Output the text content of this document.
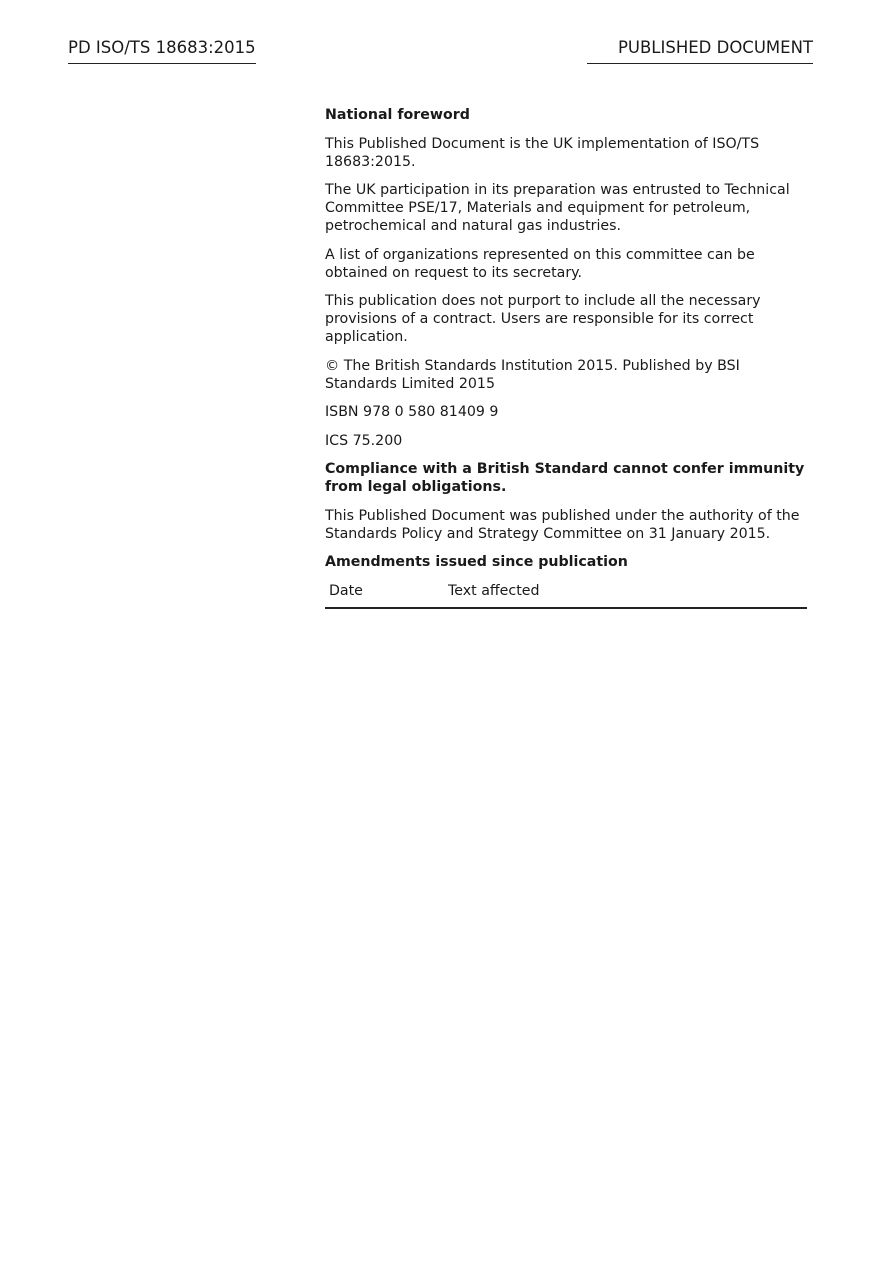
PD ISO/TS 18683:2015	PUBLISHED DOCUMENT

National foreword

This Published Document is the UK implementation of ISO/TS 18683:2015.

The UK participation in its preparation was entrusted to Technical Committee PSE/17, Materials and equipment for petroleum, petrochemical and natural gas industries.

A list of organizations represented on this committee can be obtained on request to its secretary.

This publication does not purport to include all the necessary provisions of a contract. Users are responsible for its correct application.

© The British Standards Institution 2015. Published by BSI Standards Limited 2015

ISBN 978 0 580 81409 9

ICS 75.200

Compliance with a British Standard cannot confer immunity from legal obligations.

This Published Document was published under the authority of the Standards Policy and Strategy Committee on 31 January 2015.

Amendments issued since publication

Date	Text affected
